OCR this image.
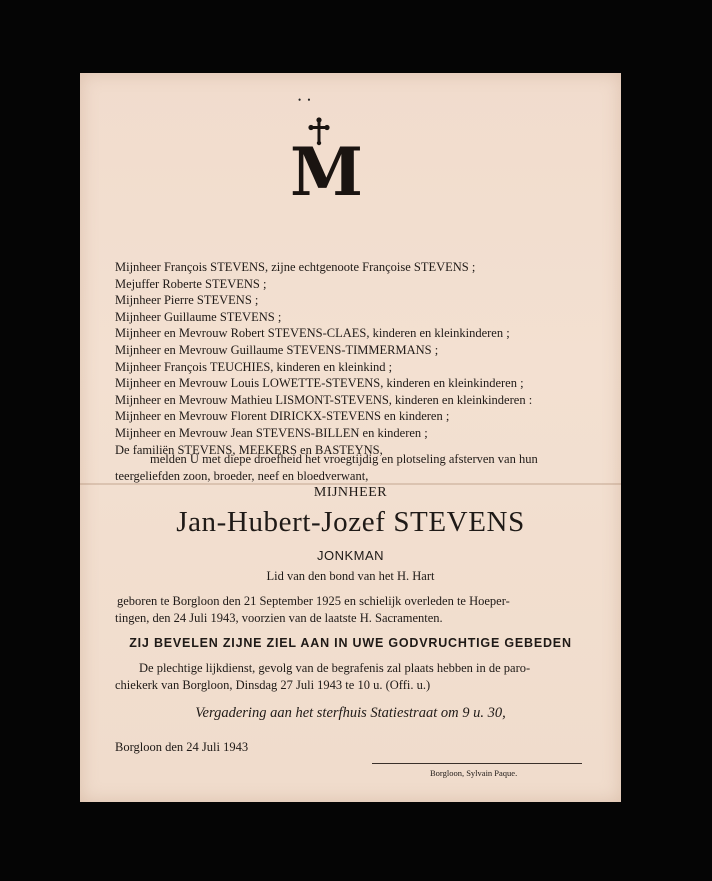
• •
M
Mijnheer François STEVENS, zijne echtgenoote Françoise STEVENS ;
Mejuffer Roberte STEVENS ;
Mijnheer Pierre STEVENS ;
Mijnheer Guillaume STEVENS ;
Mijnheer en Mevrouw Robert STEVENS-CLAES, kinderen en kleinkinderen ;
Mijnheer en Mevrouw Guillaume STEVENS-TIMMERMANS ;
Mijnheer François TEUCHIES, kinderen en kleinkind ;
Mijnheer en Mevrouw Louis LOWETTE-STEVENS, kinderen en kleinkinderen ;
Mijnheer en Mevrouw Mathieu LISMONT-STEVENS, kinderen en kleinkinderen :
Mijnheer en Mevrouw Florent DIRICKX-STEVENS en kinderen ;
Mijnheer en Mevrouw Jean STEVENS-BILLEN en kinderen ;
De familiën STEVENS, MEEKERS en BASTEYNS,
melden U met diepe droefheid het vroegtijdig en plotseling afsterven van hun
teergeliefden zoon, broeder, neef en bloedverwant,
MIJNHEER
Jan-Hubert-Jozef STEVENS
JONKMAN
Lid van den bond van het H. Hart
geboren te Borgloon den 21 September 1925 en schielijk overleden te Hoeper-
tingen, den 24 Juli 1943, voorzien van de laatste H. Sacramenten.
ZIJ BEVELEN ZIJNE ZIEL AAN IN UWE GODVRUCHTIGE GEBEDEN
De plechtige lijkdienst, gevolg van de begrafenis zal plaats hebben in de paro-
chiekerk van Borgloon, Dinsdag 27 Juli 1943 te 10 u. (Offi. u.)
Vergadering aan het sterfhuis Statiestraat om 9 u. 30,
Borgloon den 24 Juli 1943
Borgloon, Sylvain Paque.
